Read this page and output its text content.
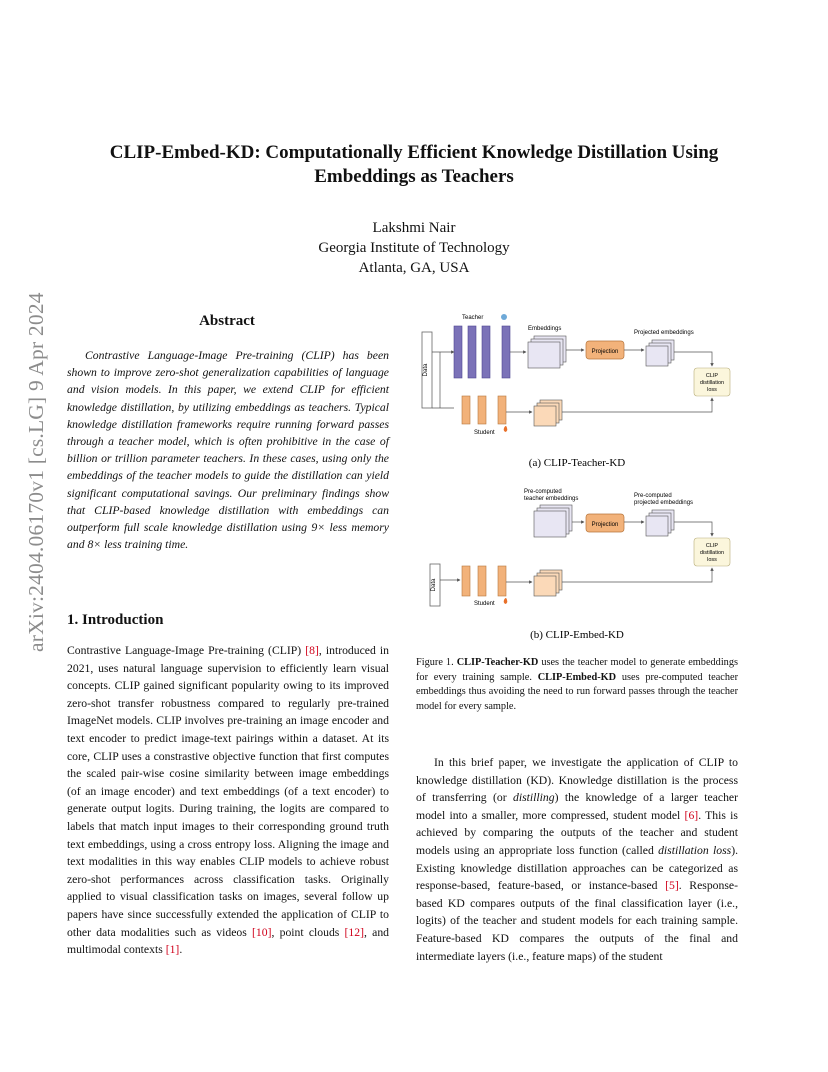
arXiv:2404.06170v1 [cs.LG] 9 Apr 2024
CLIP-Embed-KD: Computationally Efficient Knowledge Distillation Using
Embeddings as Teachers
Lakshmi Nair
Georgia Institute of Technology
Atlanta, GA, USA
Abstract
Contrastive Language-Image Pre-training (CLIP) has been shown to improve zero-shot generalization capabilities of language and vision models. In this paper, we extend CLIP for efficient knowledge distillation, by utilizing embeddings as teachers. Typical knowledge distillation frameworks require running forward passes through a teacher model, which is often prohibitive in the case of billion or trillion parameter teachers. In these cases, using only the embeddings of the teacher models to guide the distillation can yield significant computational savings. Our preliminary findings show that CLIP-based knowledge distillation with embeddings can outperform full scale knowledge distillation using 9× less memory and 8× less training time.
1. Introduction
Contrastive Language-Image Pre-training (CLIP) [8], introduced in 2021, uses natural language supervision to efficiently learn visual concepts. CLIP gained significant popularity owing to its improved zero-shot transfer robustness compared to regularly pre-trained ImageNet models. CLIP involves pre-training an image encoder and text encoder to predict image-text pairings within a dataset. At its core, CLIP uses a constrastive objective function that first computes the scaled pair-wise cosine similarity between image embeddings (of an image encoder) and text embeddings (of a text encoder) to generate output logits. During training, the logits are compared to labels that match input images to their corresponding ground truth text embeddings, using a cross entropy loss. Aligning the image and text modalities in this way enables CLIP models to achieve robust zero-shot performances across classification tasks. Originally applied to visual classification tasks on images, several follow up papers have since successfully extended the application of CLIP to other data modalities such as videos [10], point clouds [12], and multimodal contexts [1].
Data
Teacher
Embeddings
Projection
Projected embeddings
CLIP
distillation
loss
Student
(a) CLIP-Teacher-KD
Pre-computed
teacher embeddings
Projection
Pre-computed
projected embeddings
CLIP
distillation
loss
Data
Student
(b) CLIP-Embed-KD
Figure 1. CLIP-Teacher-KD uses the teacher model to generate embeddings for every training sample. CLIP-Embed-KD uses pre-computed teacher embeddings thus avoiding the need to run forward passes through the teacher model for every sample.
In this brief paper, we investigate the application of CLIP to knowledge distillation (KD). Knowledge distillation is the process of transferring (or distilling) the knowledge of a larger teacher model into a smaller, more compressed, student model [6]. This is achieved by comparing the outputs of the teacher and student models using an appropriate loss function (called distillation loss). Existing knowledge distillation approaches can be categorized as response-based, feature-based, or instance-based [5]. Response-based KD compares outputs of the final classification layer (i.e., logits) of the teacher and student models for each training sample. Feature-based KD compares the outputs of the final and intermediate layers (i.e., feature maps) of the student
